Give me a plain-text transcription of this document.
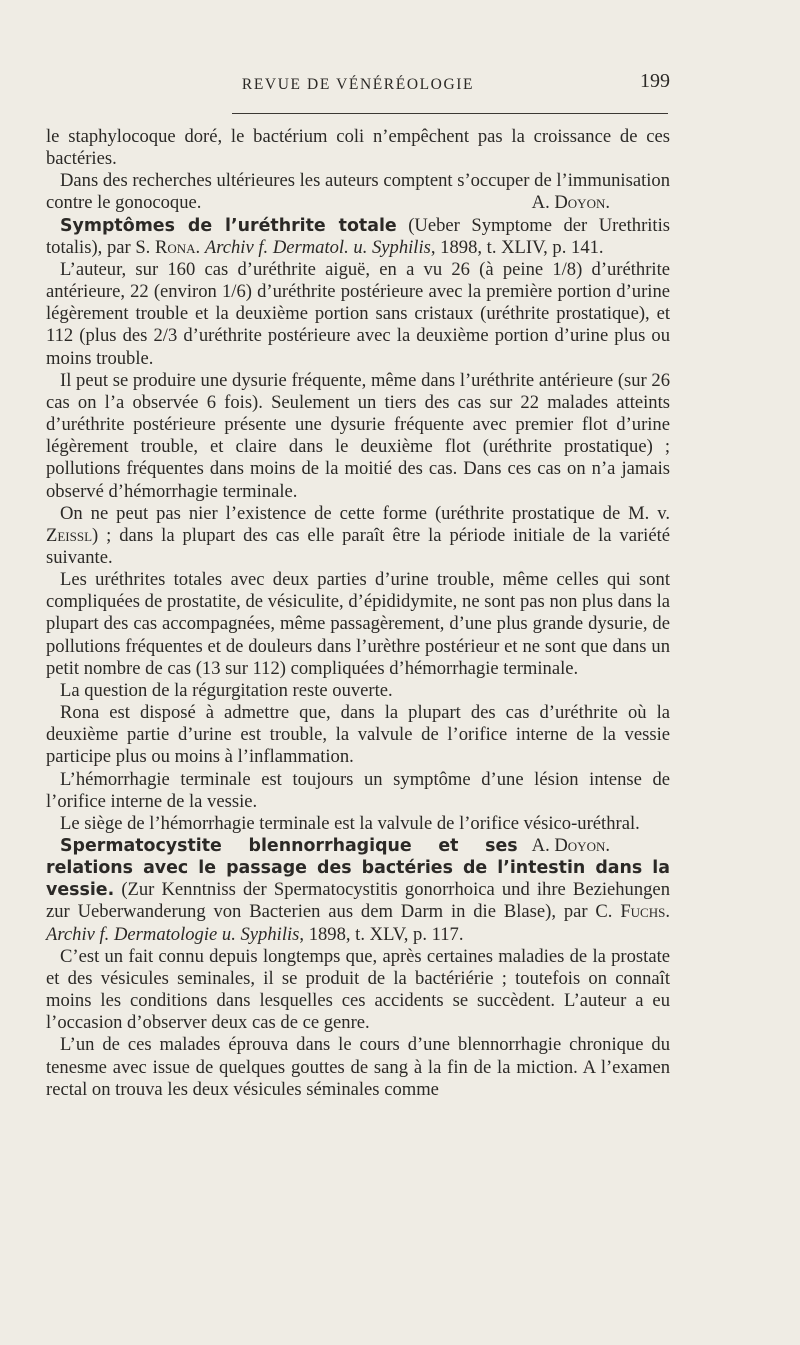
REVUE DE VÉNÉRÉOLOGIE	199

le staphylocoque doré, le bactérium coli n’empêchent pas la croissance de ces bactéries.

Dans des recherches ultérieures les auteurs comptent s’occuper de l’immunisation contre le gonocoque.	A. Doyon.

Symptômes de l’uréthrite totale (Ueber Symptome der Urethritis totalis), par S. Rona. Archiv f. Dermatol. u. Syphilis, 1898, t. XLIV, p. 141.

L’auteur, sur 160 cas d’uréthrite aiguë, en a vu 26 (à peine 1/8) d’uréthrite antérieure, 22 (environ 1/6) d’uréthrite postérieure avec la première portion d’urine légèrement trouble et la deuxième portion sans cristaux (uréthrite prostatique), et 112 (plus des 2/3 d’uréthrite postérieure avec la deuxième portion d’urine plus ou moins trouble.

Il peut se produire une dysurie fréquente, même dans l’uréthrite antérieure (sur 26 cas on l’a observée 6 fois). Seulement un tiers des cas sur 22 malades atteints d’uréthrite postérieure présente une dysurie fréquente avec premier flot d’urine légèrement trouble, et claire dans le deuxième flot (uréthrite prostatique) ; pollutions fréquentes dans moins de la moitié des cas. Dans ces cas on n’a jamais observé d’hémorrhagie terminale.

On ne peut pas nier l’existence de cette forme (uréthrite prostatique de M. v. Zeissl) ; dans la plupart des cas elle paraît être la période initiale de la variété suivante.

Les uréthrites totales avec deux parties d’urine trouble, même celles qui sont compliquées de prostatite, de vésiculite, d’épididymite, ne sont pas non plus dans la plupart des cas accompagnées, même passagèrement, d’une plus grande dysurie, de pollutions fréquentes et de douleurs dans l’urèthre postérieur et ne sont que dans un petit nombre de cas (13 sur 112) compliquées d’hémorrhagie terminale.

La question de la régurgitation reste ouverte.

Rona est disposé à admettre que, dans la plupart des cas d’uréthrite où la deuxième partie d’urine est trouble, la valvule de l’orifice interne de la vessie participe plus ou moins à l’inflammation.

L’hémorrhagie terminale est toujours un symptôme d’une lésion intense de l’orifice interne de la vessie.

Le siège de l’hémorrhagie terminale est la valvule de l’orifice vésico-uréthral.
A. Doyon.

Spermatocystite blennorrhagique et ses relations avec le passage des bactéries de l’intestin dans la vessie. (Zur Kenntniss der Spermatocystitis gonorrhoica und ihre Beziehungen zur Ueberwanderung von Bacterien aus dem Darm in die Blase), par C. Fuchs. Archiv f. Dermatologie u. Syphilis, 1898, t. XLV, p. 117.

C’est un fait connu depuis longtemps que, après certaines maladies de la prostate et des vésicules seminales, il se produit de la bactériérie ; toutefois on connaît moins les conditions dans lesquelles ces accidents se succèdent. L’auteur a eu l’occasion d’observer deux cas de ce genre.

L’un de ces malades éprouva dans le cours d’une blennorrhagie chronique du tenesme avec issue de quelques gouttes de sang à la fin de la miction. A l’examen rectal on trouva les deux vésicules séminales comme
